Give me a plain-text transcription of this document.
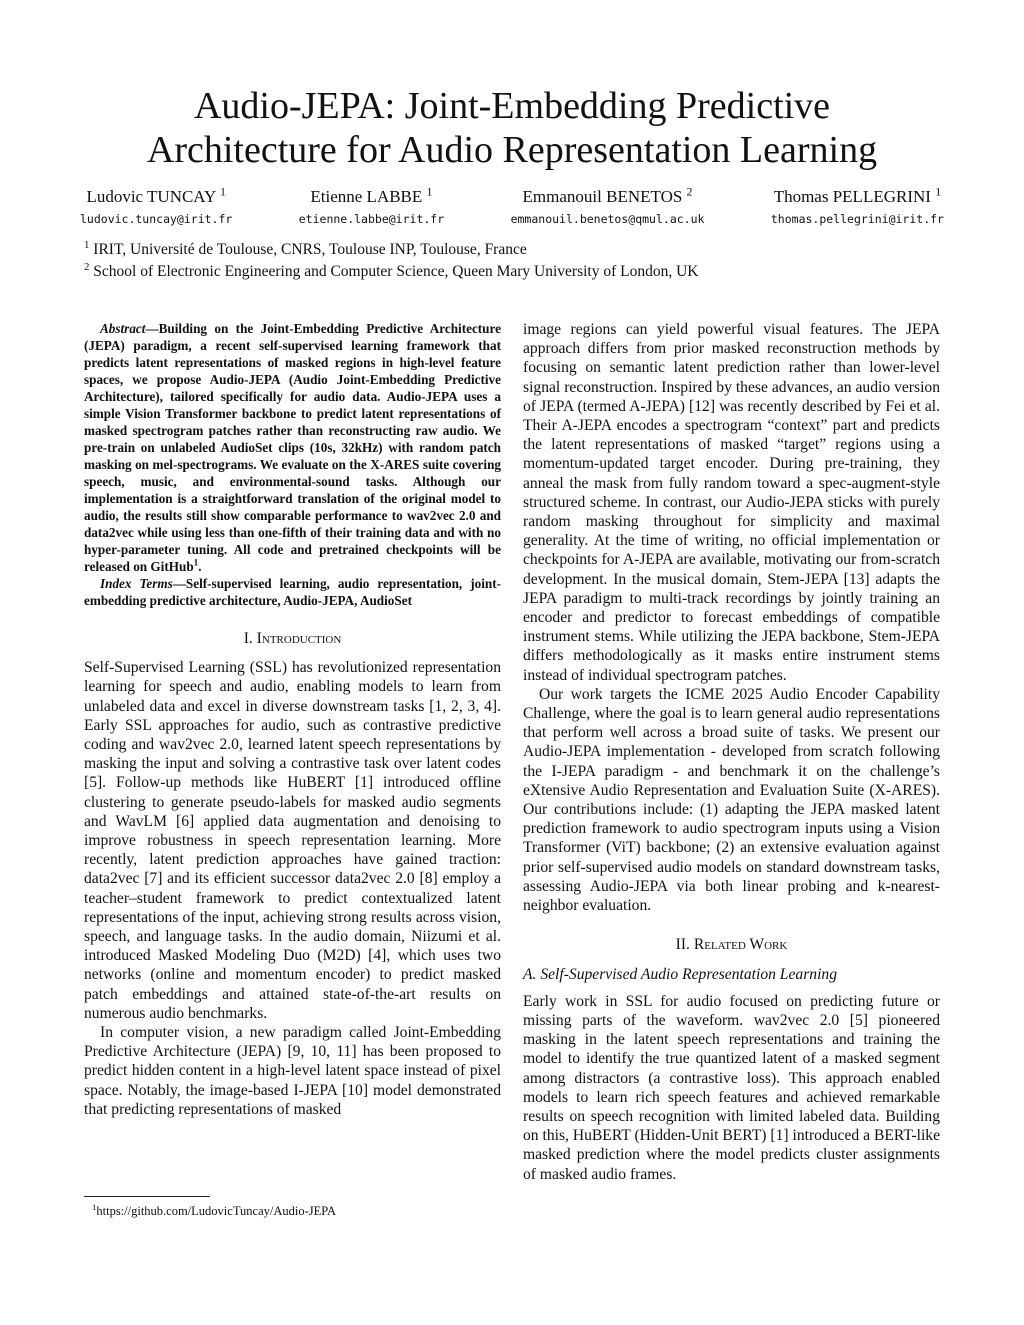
Audio-JEPA: Joint-Embedding Predictive
Architecture for Audio Representation Learning
Ludovic TUNCAY $^1$
ludovic.tuncay@irit.fr
Etienne LABBE $^1$
etienne.labbe@irit.fr
Emmanouil BENETOS $^2$
emmanouil.benetos@qmul.ac.uk
Thomas PELLEGRINI $^1$
thomas.pellegrini@irit.fr
$^1$ IRIT, Université de Toulouse, CNRS, Toulouse INP, Toulouse, France
$^2$ School of Electronic Engineering and Computer Science, Queen Mary University of London, UK

Abstract—Building on the Joint-Embedding Predictive Architecture (JEPA) paradigm, a recent self-supervised learning framework that predicts latent representations of masked regions in high-level feature spaces, we propose Audio-JEPA (Audio Joint-Embedding Predictive Architecture), tailored specifically for audio data. Audio-JEPA uses a simple Vision Transformer backbone to predict latent representations of masked spectrogram patches rather than reconstructing raw audio. We pre-train on unlabeled AudioSet clips (10s, 32kHz) with random patch masking on mel-spectrograms. We evaluate on the X-ARES suite covering speech, music, and environmental-sound tasks. Although our implementation is a straightforward translation of the original model to audio, the results still show comparable performance to wav2vec 2.0 and data2vec while using less than one-fifth of their training data and with no hyper-parameter tuning. All code and pretrained checkpoints will be released on GitHub$^1$.

Index Terms—Self-supervised learning, audio representation, joint-embedding predictive architecture, Audio-JEPA, AudioSet

I. Introduction

Self-Supervised Learning (SSL) has revolutionized representation learning for speech and audio, enabling models to learn from unlabeled data and excel in diverse downstream tasks [1, 2, 3, 4]. Early SSL approaches for audio, such as contrastive predictive coding and wav2vec 2.0, learned latent speech representations by masking the input and solving a contrastive task over latent codes [5]. Follow-up methods like HuBERT [1] introduced offline clustering to generate pseudo-labels for masked audio segments and WavLM [6] applied data augmentation and denoising to improve robustness in speech representation learning. More recently, latent prediction approaches have gained traction: data2vec [7] and its efficient successor data2vec 2.0 [8] employ a teacher–student framework to predict contextualized latent representations of the input, achieving strong results across vision, speech, and language tasks. In the audio domain, Niizumi et al. introduced Masked Modeling Duo (M2D) [4], which uses two networks (online and momentum encoder) to predict masked patch embeddings and attained state-of-the-art results on numerous audio benchmarks.

In computer vision, a new paradigm called Joint-Embedding Predictive Architecture (JEPA) [9, 10, 11] has been proposed to predict hidden content in a high-level latent space instead of pixel space. Notably, the image-based I-JEPA [10] model demonstrated that predicting representations of masked

image regions can yield powerful visual features. The JEPA approach differs from prior masked reconstruction methods by focusing on semantic latent prediction rather than lower-level signal reconstruction. Inspired by these advances, an audio version of JEPA (termed A-JEPA) [12] was recently described by Fei et al. Their A-JEPA encodes a spectrogram “context” part and predicts the latent representations of masked “target” regions using a momentum-updated target encoder. During pre-training, they anneal the mask from fully random toward a spec-augment-style structured scheme. In contrast, our Audio-JEPA sticks with purely random masking throughout for simplicity and maximal generality. At the time of writing, no official implementation or checkpoints for A-JEPA are available, motivating our from-scratch development. In the musical domain, Stem-JEPA [13] adapts the JEPA paradigm to multi-track recordings by jointly training an encoder and predictor to forecast embeddings of compatible instrument stems. While utilizing the JEPA backbone, Stem-JEPA differs methodologically as it masks entire instrument stems instead of individual spectrogram patches.

Our work targets the ICME 2025 Audio Encoder Capability Challenge, where the goal is to learn general audio representations that perform well across a broad suite of tasks. We present our Audio-JEPA implementation - developed from scratch following the I-JEPA paradigm - and benchmark it on the challenge’s eXtensive Audio Representation and Evaluation Suite (X-ARES). Our contributions include: (1) adapting the JEPA masked latent prediction framework to audio spectrogram inputs using a Vision Transformer (ViT) backbone; (2) an extensive evaluation against prior self-supervised audio models on standard downstream tasks, assessing Audio-JEPA via both linear probing and k-nearest-neighbor evaluation.

II. Related Work
A. Self-Supervised Audio Representation Learning

Early work in SSL for audio focused on predicting future or missing parts of the waveform. wav2vec 2.0 [5] pioneered masking in the latent speech representations and training the model to identify the true quantized latent of a masked segment among distractors (a contrastive loss). This approach enabled models to learn rich speech features and achieved remarkable results on speech recognition with limited labeled data. Building on this, HuBERT (Hidden-Unit BERT) [1] introduced a BERT-like masked prediction where the model predicts cluster assignments of masked audio frames.

$^1$https://github.com/LudovicTuncay/Audio-JEPA
